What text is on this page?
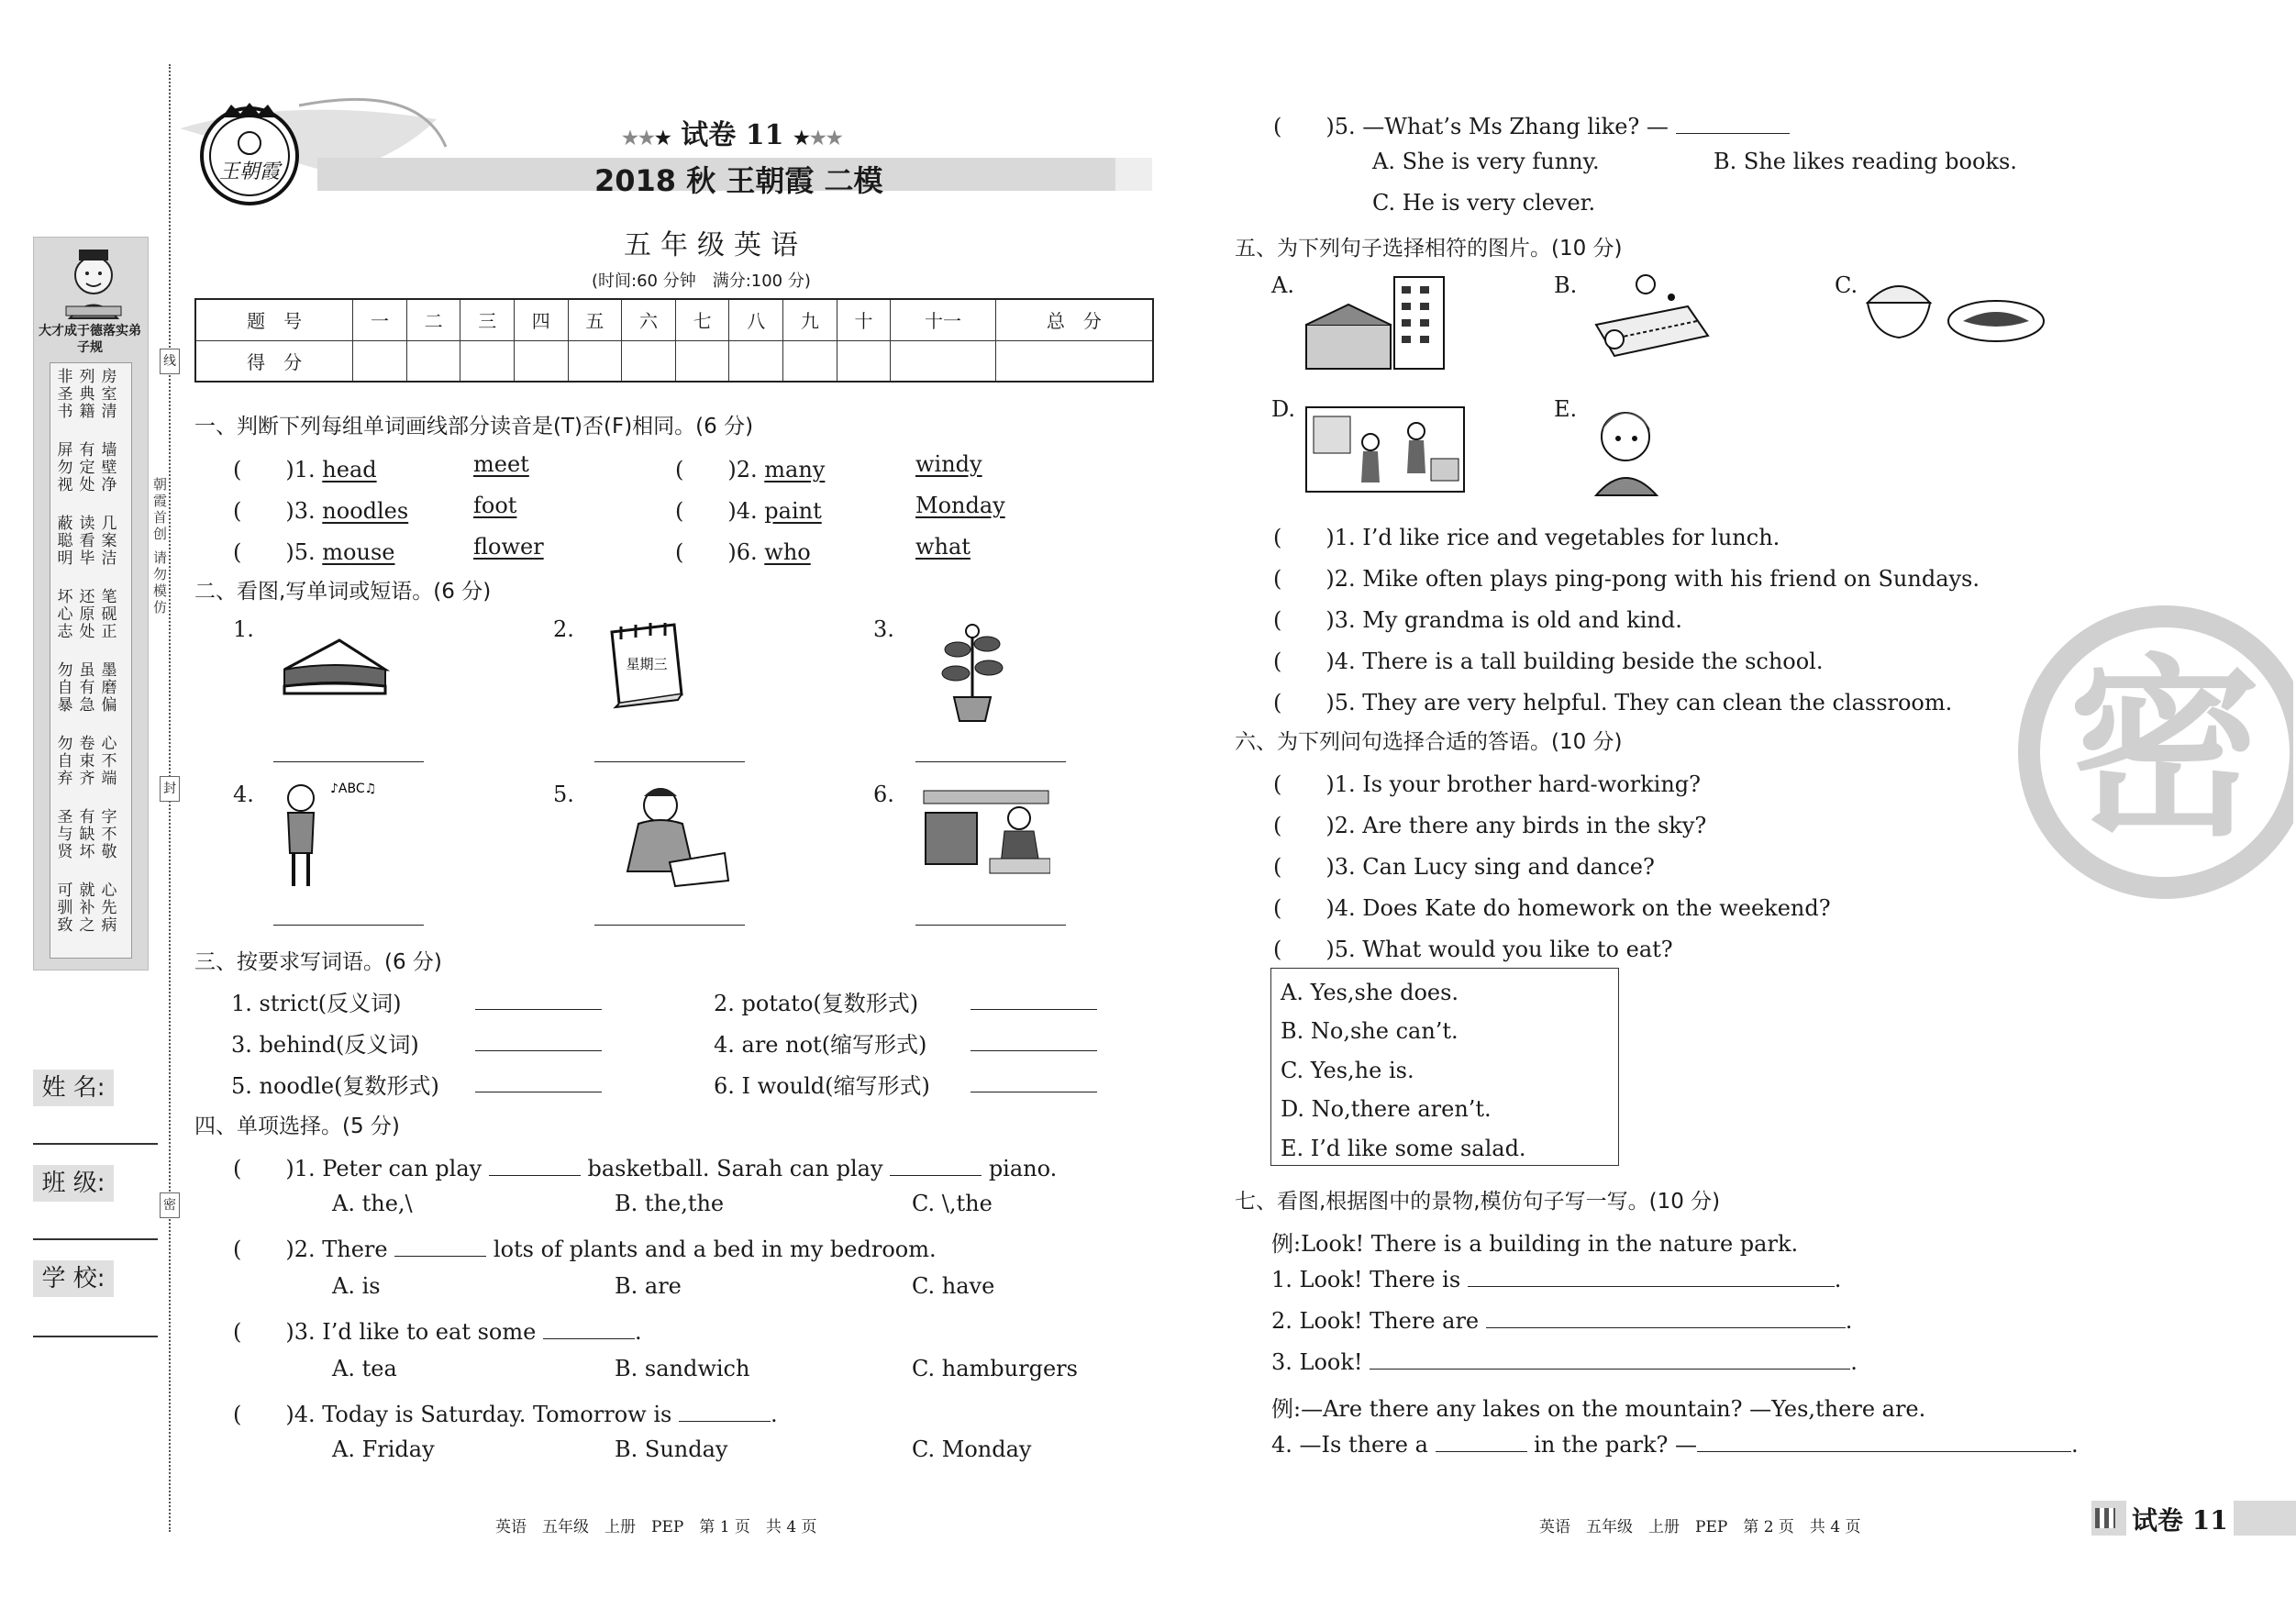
大才成于德落实弟子规
非圣书
列典籍
房室清
屏勿视
有定处
墙壁净
蔽聪明
读看毕
几案洁
坏心志
还原处
笔砚正
勿自暴
虽有急
墨磨偏
勿自弃
卷束齐
心不端
圣与贤
有缺坏
字不敬
可驯致
就补之
心先病
姓 名:
班 级:
学 校:
线
封
密
朝霞首创 请勿模仿
王朝霞
★★★ 试卷 11 ★★★
2018 秋 王朝霞 二模
五年级英语
(时间:60 分钟　满分:100 分)
题　号	一	二	三	四	五	六	七	八	九	十	十一	总　分
得　分												
一、判断下列每组单词画线部分读音是(T)否(F)相同。(6 分)
(　　)1. head	meet	(　　)2. many	windy
(　　)3. noodles	foot	(　　)4. paint	Monday
(　　)5. mouse	flower	(　　)6. who	what
二、看图,写单词或短语。(6 分)
1.	2.	3.
4.	5.	6.
星期三
♪ABC♫
三、按要求写词语。(6 分)
1. strict(反义词)	2. potato(复数形式)
3. behind(反义词)	4. are not(缩写形式)
5. noodle(复数形式)	6. I would(缩写形式)
四、单项选择。(5 分)
(　　)1. Peter can play	basketball. Sarah can play	piano.
A. the,\	B. the,the	C. \,the
(　　)2. There	lots of plants and a bed in my bedroom.
A. is	B. are	C. have
(　　)3. I’d like to eat some	.
A. tea	B. sandwich	C. hamburgers
(　　)4. Today is Saturday. Tomorrow is	.
A. Friday	B. Sunday	C. Monday
英语　五年级　上册　PEP　第 1 页　共 4 页
(　　)5. —What’s Ms Zhang like? —
A. She is very funny.	B. She likes reading books.
C. He is very clever.
五、为下列句子选择相符的图片。(10 分)
A.	B.	C.
D.	E.
(　　)1. I’d like rice and vegetables for lunch.
(　　)2. Mike often plays ping-pong with his friend on Sundays.
(　　)3. My grandma is old and kind.
(　　)4. There is a tall building beside the school.
(　　)5. They are very helpful. They can clean the classroom.
六、为下列问句选择合适的答语。(10 分)
(　　)1. Is your brother hard-working?
(　　)2. Are there any birds in the sky?
(　　)3. Can Lucy sing and dance?
(　　)4. Does Kate do homework on the weekend?
(　　)5. What would you like to eat?
A. Yes,she does.
B. No,she can’t.
C. Yes,he is.
D. No,there aren’t.
E. I’d like some salad.
七、看图,根据图中的景物,模仿句子写一写。(10 分)
例:Look! There is a building in the nature park.
1. Look! There is	.
2. Look! There are	.
3. Look!	.
例:—Are there any lakes on the mountain? —Yes,there are.
4. —Is there a	in the park? —	.
密
英语　五年级　上册　PEP　第 2 页　共 4 页	试卷 11
